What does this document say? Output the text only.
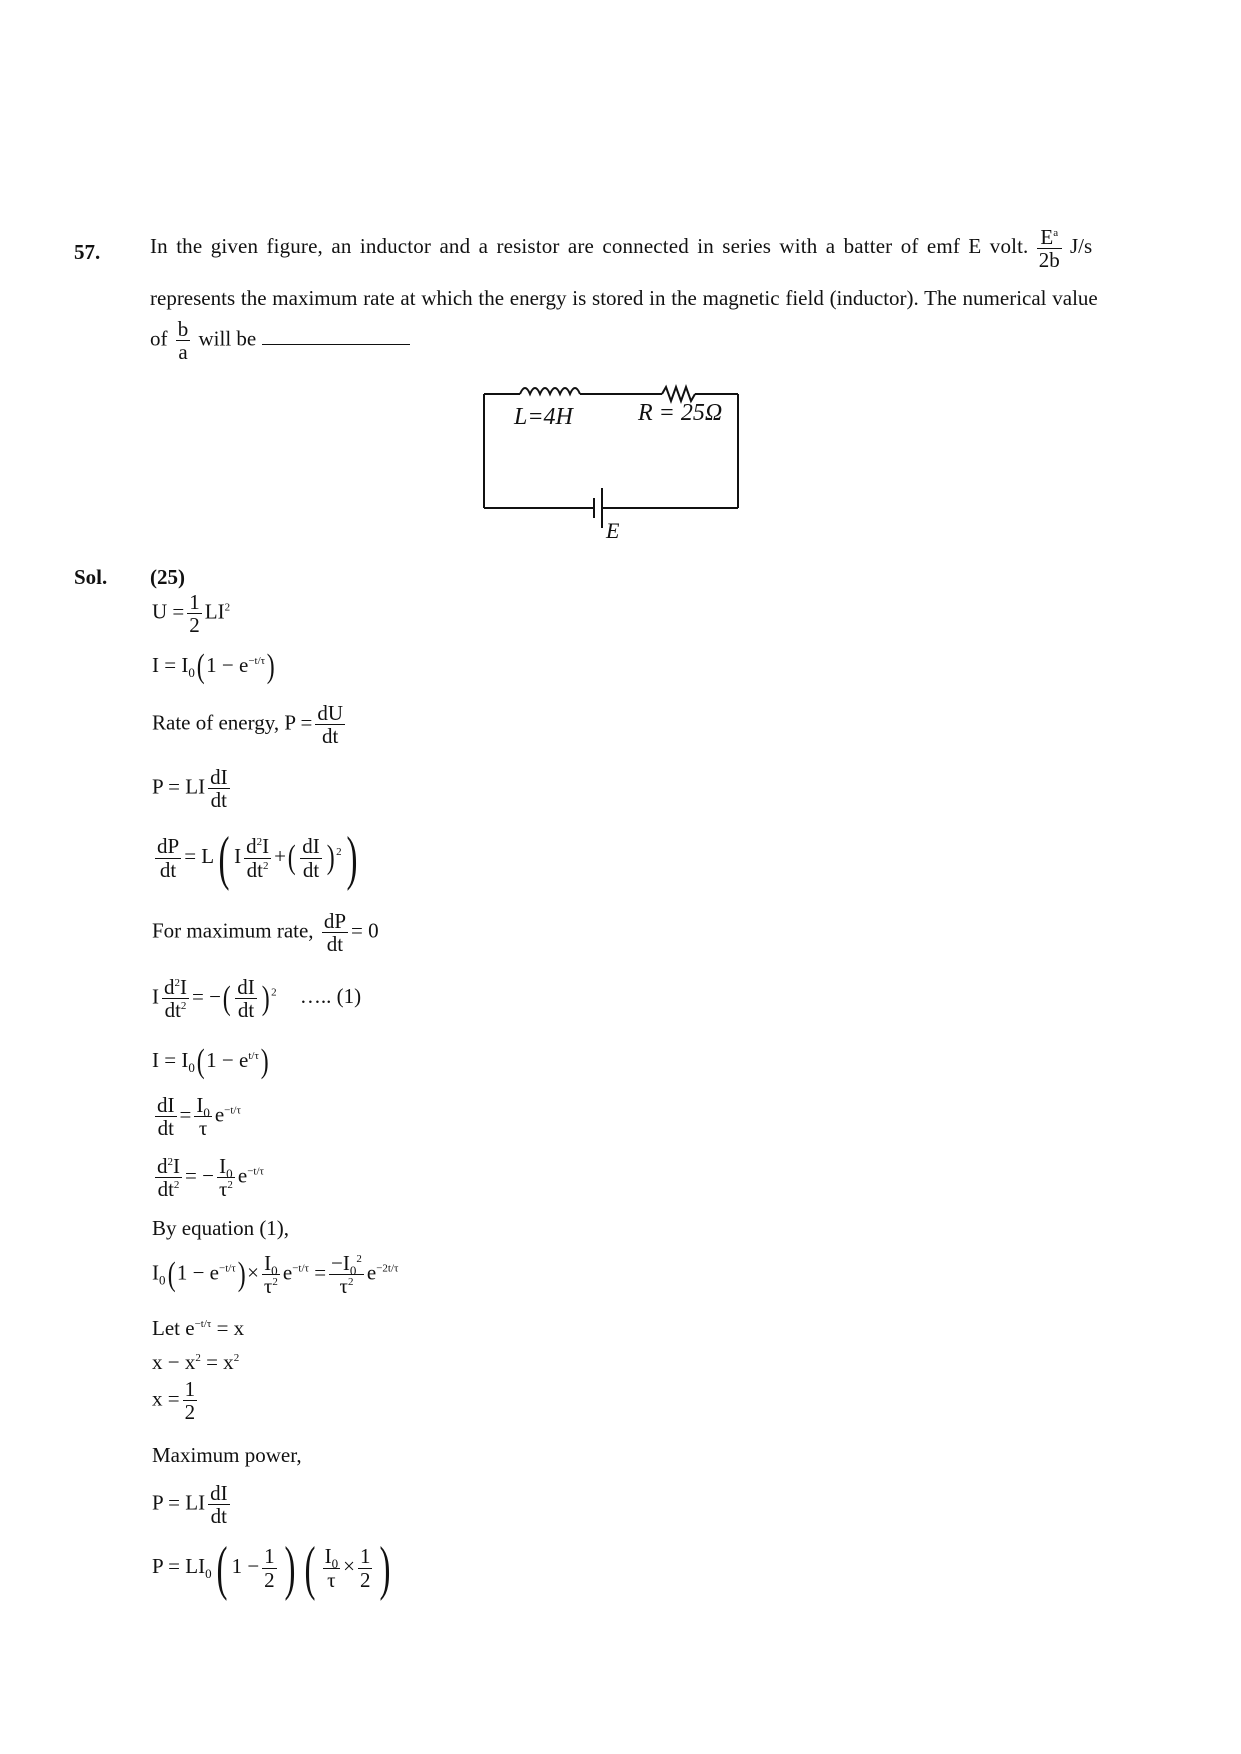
57. In the given figure, an inductor and a resistor are connected in series with a batter of emf E volt. $\frac{E^a}{2b} J/s$
represents the maximum rate at which the energy is stored in the magnetic field (inductor). The numerical value
of $\frac{b}{a}$ will be
L=4H	R = 25Ω
E
Sol. (25)
$U = \frac{1}{2} LI^2$
$I = I_0(1 - e^{-t/\tau})$
Rate of energy, $P = \frac{dU}{dt}$
P = LI $\frac{dI}{dt}$
$\frac{dP}{dt} = L$( I $\frac{d^2I}{dt^2}$ +( $\frac{dI}{dt}$ ) $^2$)
For maximum rate, $\frac{dP}{dt} = 0$
I $\frac{d^2I}{dt^2}$ = −( $\frac{dI}{dt}$ ) $^2$ ….. (1)
$I = I_0(1 - e^{t/\tau})$
$\frac{dI}{dt} = \frac{I_0}{\tau} e^{-t/\tau}$
$\frac{d^2I}{dt^2}$ = − $\frac{I_0}{\tau^2} e^{-t/\tau}$
By equation (1),
$I_0(1 - e^{-t/\tau})\times \frac{I_0}{\tau^2} e^{-t/\tau} = \frac{-I_0^2}{\tau^2} e^{-2t/\tau}$
Let $e^{-t/\tau} = x$
$x - x^2 = x^2$
$x = \frac{1}{2}$
Maximum power,
P = LI $\frac{dI}{dt}$
$P = LI_0$( $1 - \frac{1}{2}$ ) ( $\frac{I_0}{\tau} \times \frac{1}{2}$ )
